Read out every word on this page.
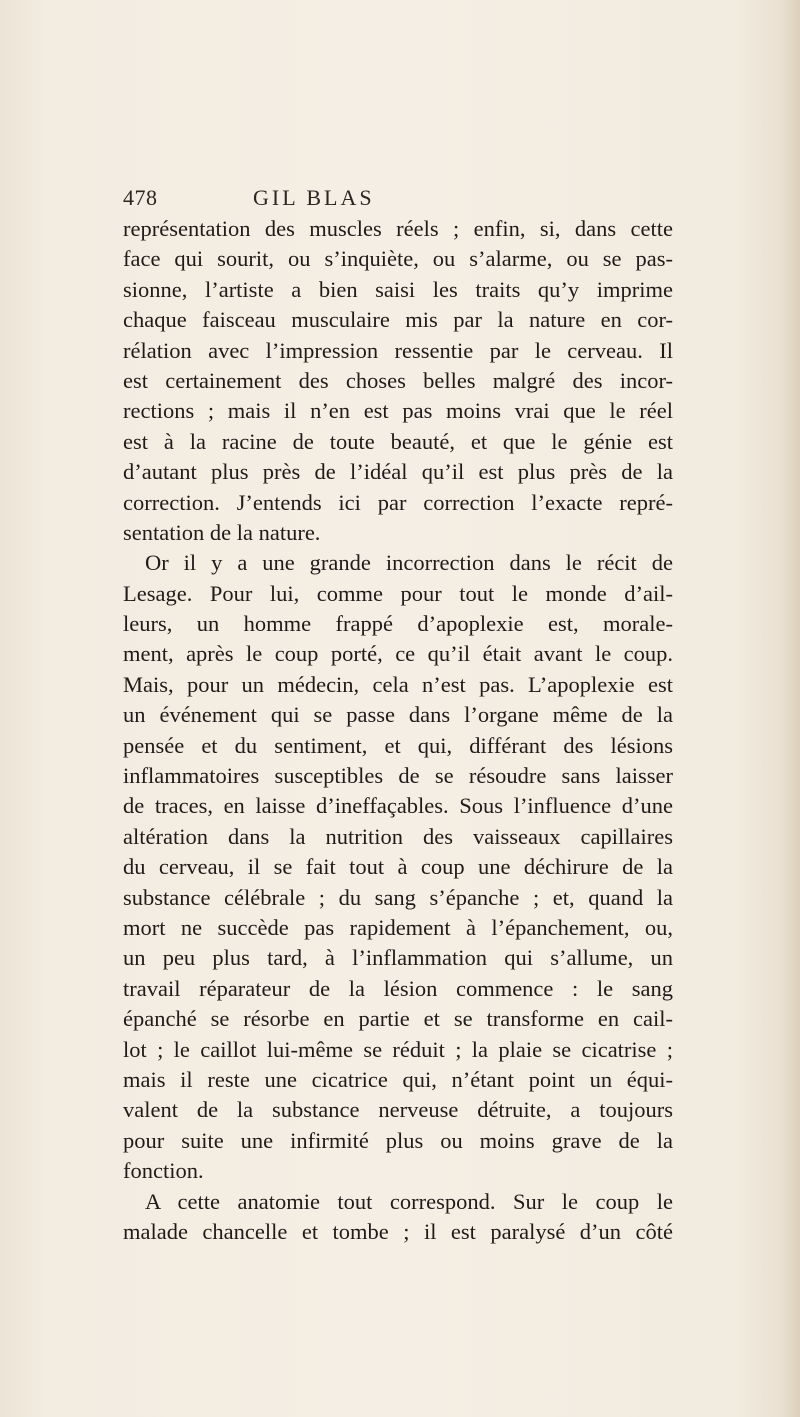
478	GIL BLAS
représentation des muscles réels ; enfin, si, dans cette
face qui sourit, ou s’inquiète, ou s’alarme, ou se pas-
sionne, l’artiste a bien saisi les traits qu’y imprime
chaque faisceau musculaire mis par la nature en cor-
rélation avec l’impression ressentie par le cerveau. Il
est certainement des choses belles malgré des incor-
rections ; mais il n’en est pas moins vrai que le réel
est à la racine de toute beauté, et que le génie est
d’autant plus près de l’idéal qu’il est plus près de la
correction. J’entends ici par correction l’exacte repré-
sentation de la nature.
Or il y a une grande incorrection dans le récit de
Lesage. Pour lui, comme pour tout le monde d’ail-
leurs, un homme frappé d’apoplexie est, morale-
ment, après le coup porté, ce qu’il était avant le coup.
Mais, pour un médecin, cela n’est pas. L’apoplexie est
un événement qui se passe dans l’organe même de la
pensée et du sentiment, et qui, différant des lésions
inflammatoires susceptibles de se résoudre sans laisser
de traces, en laisse d’ineffaçables. Sous l’influence d’une
altération dans la nutrition des vaisseaux capillaires
du cerveau, il se fait tout à coup une déchirure de la
substance célébrale ; du sang s’épanche ; et, quand la
mort ne succède pas rapidement à l’épanchement, ou,
un peu plus tard, à l’inflammation qui s’allume, un
travail réparateur de la lésion commence : le sang
épanché se résorbe en partie et se transforme en cail-
lot ; le caillot lui-même se réduit ; la plaie se cicatrise ;
mais il reste une cicatrice qui, n’étant point un équi-
valent de la substance nerveuse détruite, a toujours
pour suite une infirmité plus ou moins grave de la
fonction.
A cette anatomie tout correspond. Sur le coup le
malade chancelle et tombe ; il est paralysé d’un côté
